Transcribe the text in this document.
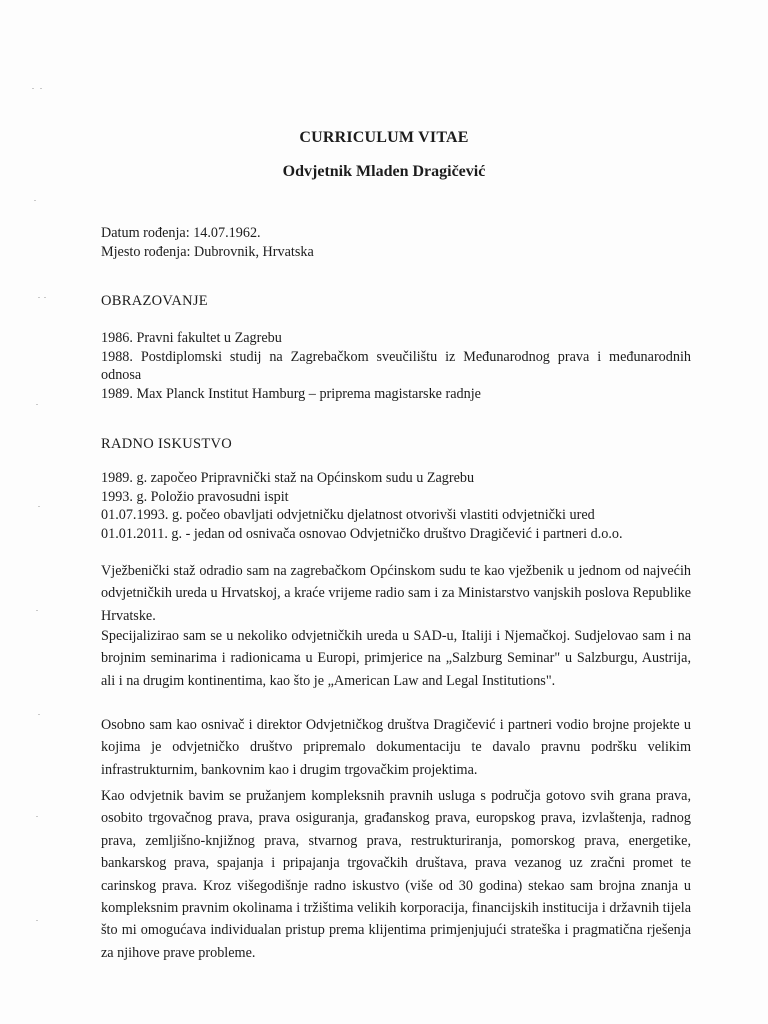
CURRICULUM VITAE
Odvjetnik Mladen Dragičević
Datum rođenja: 14.07.1962.
Mjesto rođenja: Dubrovnik, Hrvatska
OBRAZOVANJE
1986. Pravni fakultet u Zagrebu
1988. Postdiplomski studij na Zagrebačkom sveučilištu iz Međunarodnog prava i međunarodnih odnosa
1989. Max Planck Institut Hamburg – priprema magistarske radnje
RADNO ISKUSTVO
1989. g. započeo Pripravnički staž na Općinskom sudu u Zagrebu
1993. g. Položio pravosudni ispit
01.07.1993. g. počeo obavljati odvjetničku djelatnost otvorivši vlastiti odvjetnički ured
01.01.2011. g. - jedan od osnivača osnovao Odvjetničko društvo Dragičević i partneri d.o.o.
Vježbenički staž odradio sam na zagrebačkom Općinskom sudu te kao vježbenik u jednom od najvećih odvjetničkih ureda u Hrvatskoj, a kraće vrijeme radio sam i za Ministarstvo vanjskih poslova Republike Hrvatske.
Specijalizirao sam se u nekoliko odvjetničkih ureda u SAD-u, Italiji i Njemačkoj. Sudjelovao sam i na brojnim seminarima i radionicama u Europi, primjerice na „Salzburg Seminar" u Salzburgu, Austrija, ali i na drugim kontinentima, kao što je „American Law and Legal Institutions".
Osobno sam kao osnivač i direktor Odvjetničkog društva Dragičević i partneri vodio brojne projekte u kojima je odvjetničko društvo pripremalo dokumentaciju te davalo pravnu podršku velikim infrastrukturnim, bankovnim kao i drugim trgovačkim projektima.
Kao odvjetnik bavim se pružanjem kompleksnih pravnih usluga s područja gotovo svih grana prava, osobito trgovačnog prava, prava osiguranja, građanskog prava, europskog prava, izvlaštenja, radnog prava, zemljišno-knjižnog prava, stvarnog prava, restrukturiranja, pomorskog prava, energetike, bankarskog prava, spajanja i pripajanja trgovačkih društava, prava vezanog uz zračni promet te carinskog prava. Kroz višegodišnje radno iskustvo (više od 30 godina) stekao sam brojna znanja u kompleksnim pravnim okolinama i tržištima velikih korporacija, financijskih institucija i državnih tijela što mi omogućava individualan pristup prema klijentima primjenjujući strateška i pragmatična rješenja za njihove prave probleme.
